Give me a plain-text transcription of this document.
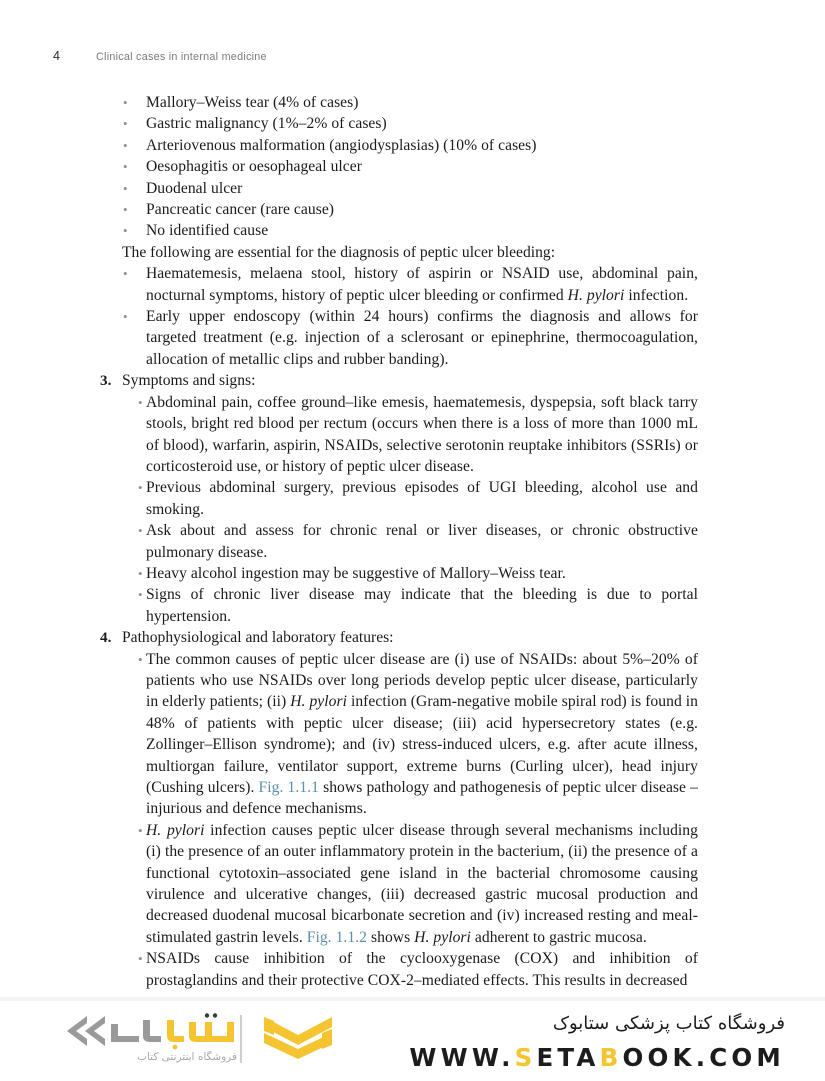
4	Clinical cases in internal medicine
•	Mallory–Weiss tear (4% of cases)
•	Gastric malignancy (1%–2% of cases)
•	Arteriovenous malformation (angiodysplasias) (10% of cases)
•	Oesophagitis or oesophageal ulcer
•	Duodenal ulcer
•	Pancreatic cancer (rare cause)
•	No identified cause
The following are essential for the diagnosis of peptic ulcer bleeding:
•	Haematemesis, melaena stool, history of aspirin or NSAID use, abdominal pain, nocturnal symptoms, history of peptic ulcer bleeding or confirmed H. pylori infection.
•	Early upper endoscopy (within 24 hours) confirms the diagnosis and allows for targeted treatment (e.g. injection of a sclerosant or epinephrine, thermocoagulation, allocation of metallic clips and rubber banding).
3. Symptoms and signs:
• Abdominal pain, coffee ground–like emesis, haematemesis, dyspepsia, soft black tarry stools, bright red blood per rectum (occurs when there is a loss of more than 1000 mL of blood), warfarin, aspirin, NSAIDs, selective serotonin reuptake inhibitors (SSRIs) or corticosteroid use, or history of peptic ulcer disease.
• Previous abdominal surgery, previous episodes of UGI bleeding, alcohol use and smoking.
• Ask about and assess for chronic renal or liver diseases, or chronic obstructive pulmonary disease.
• Heavy alcohol ingestion may be suggestive of Mallory–Weiss tear.
• Signs of chronic liver disease may indicate that the bleeding is due to portal hypertension.
4. Pathophysiological and laboratory features:
• The common causes of peptic ulcer disease are (i) use of NSAIDs: about 5%–20% of patients who use NSAIDs over long periods develop peptic ulcer disease, particularly in elderly patients; (ii) H. pylori infection (Gram-negative mobile spiral rod) is found in 48% of patients with peptic ulcer disease; (iii) acid hypersecretory states (e.g. Zollinger–Ellison syndrome); and (iv) stress-induced ulcers, e.g. after acute illness, multiorgan failure, ventilator support, extreme burns (Curling ulcer), head injury (Cushing ulcers). Fig. 1.1.1 shows pathology and pathogenesis of peptic ulcer disease – injurious and defence mechanisms.
• H. pylori infection causes peptic ulcer disease through several mechanisms including (i) the presence of an outer inflammatory protein in the bacterium, (ii) the presence of a functional cytotoxin–associated gene island in the bacterial chromosome causing virulence and ulcerative changes, (iii) decreased gastric mucosal production and decreased duodenal mucosal bicarbonate secretion and (iv) increased resting and meal-stimulated gastrin levels. Fig. 1.1.2 shows H. pylori adherent to gastric mucosa.
• NSAIDs cause inhibition of the cyclooxygenase (COX) and inhibition of prostaglandins and their protective COX-2–mediated effects. This results in decreased
فروشگاه اینترنتی کتاب
فروشگاه کتاب پزشکی ستابوک
WWW.SETABOOK.COM
